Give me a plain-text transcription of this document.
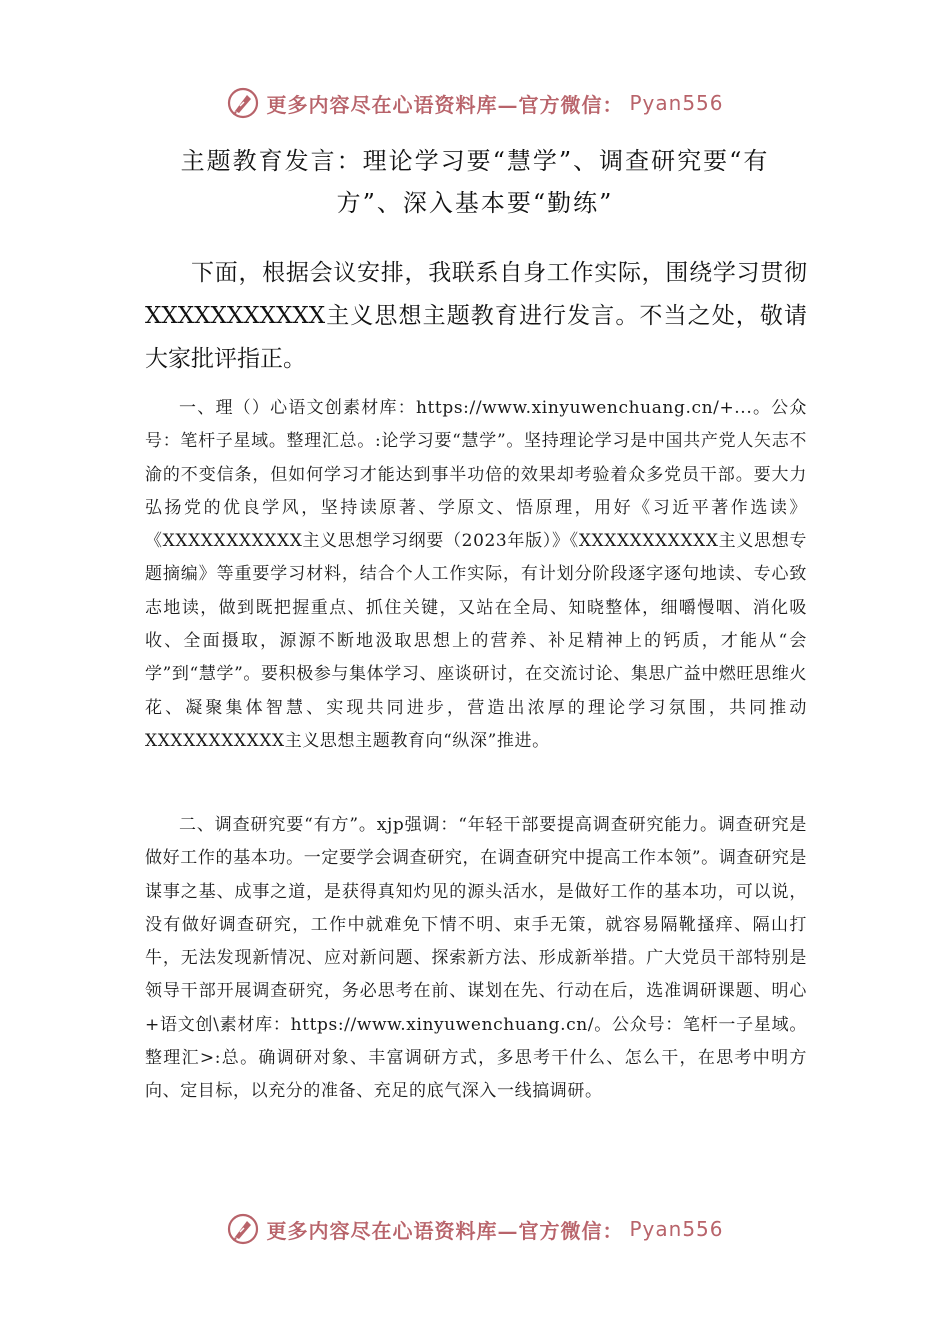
更多内容尽在心语资料库—官方微信： Pyan556
主题教育发言：理论学习要“慧学”、调查研究要“有方”、深入基本要“勤练”

下面，根据会议安排，我联系自身工作实际，围绕学习贯彻XXXXXXXXXXX主义思想主题教育进行发言。不当之处，敬请大家批评指正。

一、理（）心语文创素材库：https://www.xinyuwenchuang.cn/+...。公众号：笔杆子星域。整理汇总。:论学习要“慧学”。坚持理论学习是中国共产党人矢志不渝的不变信条，但如何学习才能达到事半功倍的效果却考验着众多党员干部。要大力弘扬党的优良学风，坚持读原著、学原文、悟原理，用好《习近平著作选读》《XXXXXXXXXXX主义思想学习纲要（2023年版）》《XXXXXXXXXXX主义思想专题摘编》等重要学习材料，结合个人工作实际，有计划分阶段逐字逐句地读、专心致志地读，做到既把握重点、抓住关键，又站在全局、知晓整体，细嚼慢咽、消化吸收、全面摄取，源源不断地汲取思想上的营养、补足精神上的钙质，才能从“会学”到“慧学”。要积极参与集体学习、座谈研讨，在交流讨论、集思广益中燃旺思维火花、凝聚集体智慧、实现共同进步，营造出浓厚的理论学习氛围，共同推动XXXXXXXXXXX主义思想主题教育向“纵深”推进。

二、调查研究要“有方”。xjp强调：“年轻干部要提高调查研究能力。调查研究是做好工作的基本功。一定要学会调查研究，在调查研究中提高工作本领”。调查研究是谋事之基、成事之道，是获得真知灼见的源头活水，是做好工作的基本功，可以说，没有做好调查研究，工作中就难免下情不明、束手无策，就容易隔靴搔痒、隔山打牛，无法发现新情况、应对新问题、探索新方法、形成新举措。广大党员干部特别是领导干部开展调查研究，务必思考在前、谋划在先、行动在后，选准调研课题、明心+语文创\素材库：https://www.xinyuwenchuang.cn/。公众号：笔杆一子星域。整理汇>:总。确调研对象、丰富调研方式，多思考干什么、怎么干，在思考中明方向、定目标，以充分的准备、充足的底气深入一线搞调研。

更多内容尽在心语资料库—官方微信： Pyan556
